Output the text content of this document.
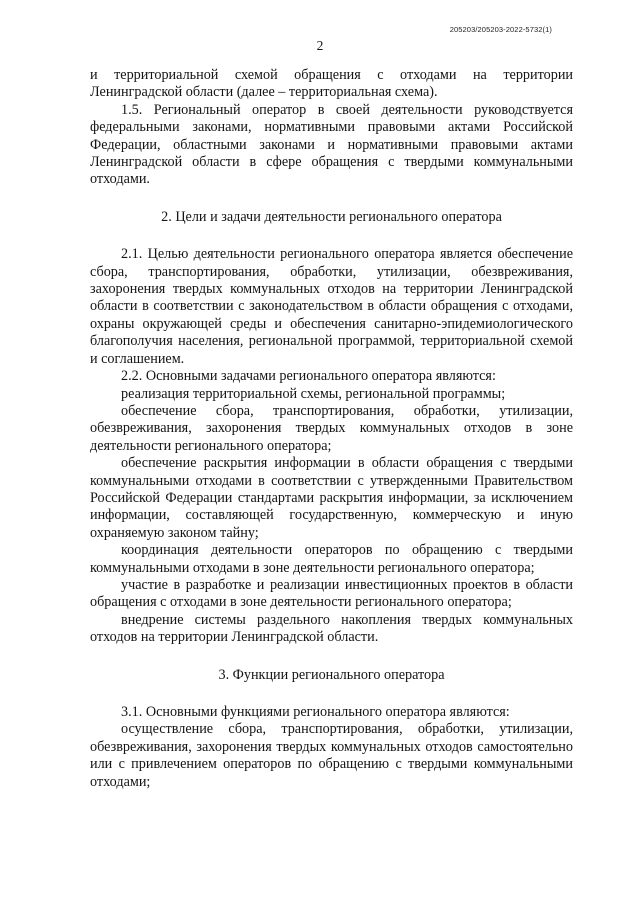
205203/205203-2022-5732(1)
2

и территориальной схемой обращения с отходами на территории Ленинградской области (далее – территориальная схема).

1.5. Региональный оператор в своей деятельности руководствуется федеральными законами, нормативными правовыми актами Российской Федерации, областными законами и нормативными правовыми актами Ленинградской области в сфере обращения с твердыми коммунальными отходами.

2. Цели и задачи деятельности регионального оператора

2.1. Целью деятельности регионального оператора является обеспечение сбора, транспортирования, обработки, утилизации, обезвреживания, захоронения твердых коммунальных отходов на территории Ленинградской области в соответствии с законодательством в области обращения с отходами, охраны окружающей среды и обеспечения санитарно-эпидемиологического благополучия населения, региональной программой, территориальной схемой и соглашением.

2.2. Основными задачами регионального оператора являются:

реализация территориальной схемы, региональной программы;

обеспечение сбора, транспортирования, обработки, утилизации, обезвреживания, захоронения твердых коммунальных отходов в зоне деятельности регионального оператора;

обеспечение раскрытия информации в области обращения с твердыми коммунальными отходами в соответствии с утвержденными Правительством Российской Федерации стандартами раскрытия информации, за исключением информации, составляющей государственную, коммерческую и иную охраняемую законом тайну;

координация деятельности операторов по обращению с твердыми коммунальными отходами в зоне деятельности регионального оператора;

участие в разработке и реализации инвестиционных проектов в области обращения с отходами в зоне деятельности регионального оператора;

внедрение системы раздельного накопления твердых коммунальных отходов на территории Ленинградской области.

3. Функции регионального оператора

3.1. Основными функциями регионального оператора являются:

осуществление сбора, транспортирования, обработки, утилизации, обезвреживания, захоронения твердых коммунальных отходов самостоятельно или с привлечением операторов по обращению с твердыми коммунальными отходами;
